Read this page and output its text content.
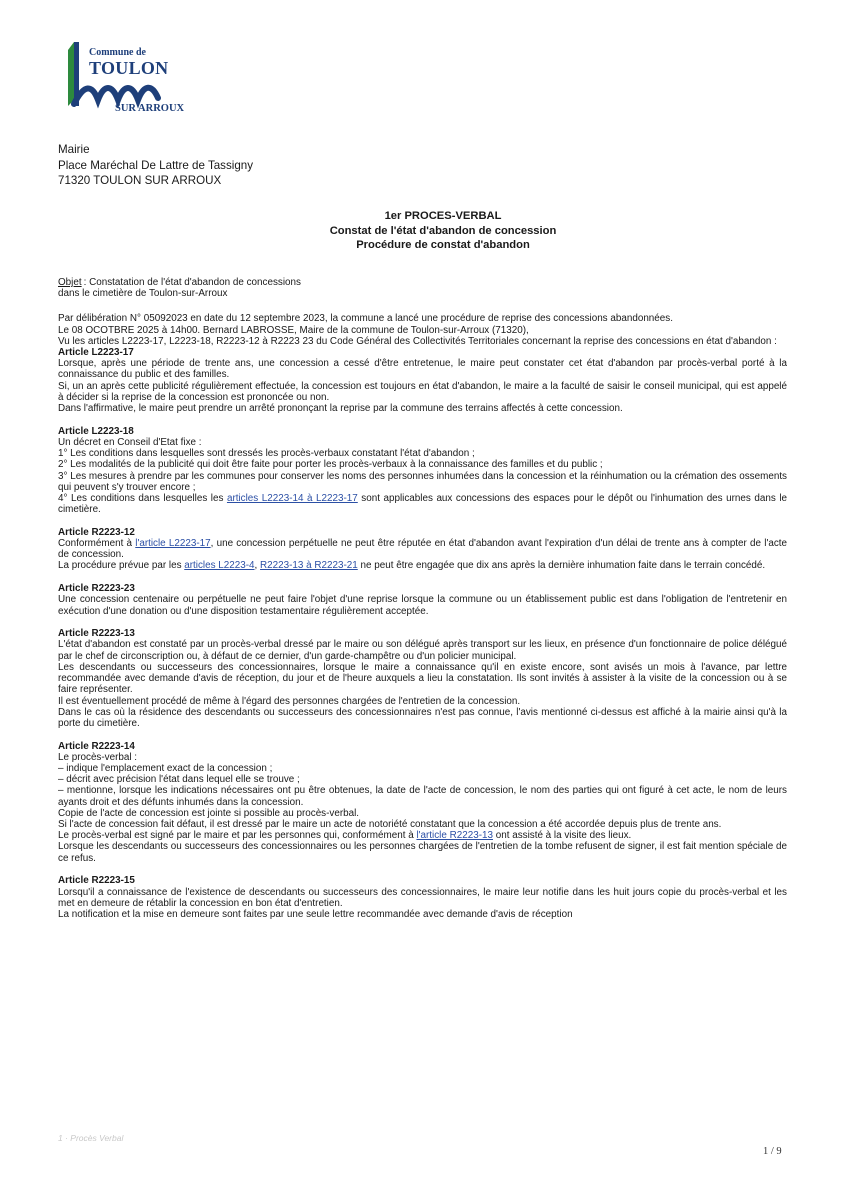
Commune de
TOULON
SUR ARROUX
Mairie
Place Maréchal De Lattre de Tassigny
71320 TOULON SUR ARROUX
1er PROCES-VERBAL
Constat de l'état d'abandon de concession
Procédure de constat d'abandon
Objet : Constatation de l'état d'abandon de concessions

dans le cimetière de Toulon-sur-Arroux

Par délibération N° 05092023 en date du 12 septembre 2023, la commune a lancé une procédure de reprise des concessions abandonnées.

Le 08 OCOTBRE 2025 à 14h00. Bernard LABROSSE, Maire de la commune de Toulon-sur-Arroux (71320),

Vu les articles L2223-17, L2223-18, R2223-12 à R2223 23 du Code Général des Collectivités Territoriales concernant la reprise des concessions en état d'abandon :

Article L2223-17

Lorsque, après une période de trente ans, une concession a cessé d'être entretenue, le maire peut constater cet état d'abandon par procès-verbal porté à la connaissance du public et des familles.

Si, un an après cette publicité régulièrement effectuée, la concession est toujours en état d'abandon, le maire a la faculté de saisir le conseil municipal, qui est appelé à décider si la reprise de la concession est prononcée ou non.

Dans l'affirmative, le maire peut prendre un arrêté prononçant la reprise par la commune des terrains affectés à cette concession.

Article L2223-18

Un décret en Conseil d'Etat fixe :

1° Les conditions dans lesquelles sont dressés les procès-verbaux constatant l'état d'abandon ;

2° Les modalités de la publicité qui doit être faite pour porter les procès-verbaux à la connaissance des familles et du public ;

3° Les mesures à prendre par les communes pour conserver les noms des personnes inhumées dans la concession et la réinhumation ou la crémation des ossements qui peuvent s'y trouver encore ;

4° Les conditions dans lesquelles les articles L2223-14 à L2223-17 sont applicables aux concessions des espaces pour le dépôt ou l'inhumation des urnes dans le cimetière.

Article R2223-12

Conformément à l'article L2223-17, une concession perpétuelle ne peut être réputée en état d'abandon avant l'expiration d'un délai de trente ans à compter de l'acte de concession.

La procédure prévue par les articles L2223-4, R2223-13 à R2223-21 ne peut être engagée que dix ans après la dernière inhumation faite dans le terrain concédé.

Article R2223-23

Une concession centenaire ou perpétuelle ne peut faire l'objet d'une reprise lorsque la commune ou un établissement public est dans l'obligation de l'entretenir en exécution d'une donation ou d'une disposition testamentaire régulièrement acceptée.

Article R2223-13

L'état d'abandon est constaté par un procès-verbal dressé par le maire ou son délégué après transport sur les lieux, en présence d'un fonctionnaire de police délégué par le chef de circonscription ou, à défaut de ce dernier, d'un garde-champêtre ou d'un policier municipal.

Les descendants ou successeurs des concessionnaires, lorsque le maire a connaissance qu'il en existe encore, sont avisés un mois à l'avance, par lettre recommandée avec demande d'avis de réception, du jour et de l'heure auxquels a lieu la constatation. Ils sont invités à assister à la visite de la concession ou à se faire représenter.

Il est éventuellement procédé de même à l'égard des personnes chargées de l'entretien de la concession.

Dans le cas où la résidence des descendants ou successeurs des concessionnaires n'est pas connue, l'avis mentionné ci-dessus est affiché à la mairie ainsi qu'à la porte du cimetière.

Article R2223-14

Le procès-verbal :

– indique l'emplacement exact de la concession ;

– décrit avec précision l'état dans lequel elle se trouve ;

– mentionne, lorsque les indications nécessaires ont pu être obtenues, la date de l'acte de concession, le nom des parties qui ont figuré à cet acte, le nom de leurs ayants droit et des défunts inhumés dans la concession.

Copie de l'acte de concession est jointe si possible au procès-verbal.

Si l'acte de concession fait défaut, il est dressé par le maire un acte de notoriété constatant que la concession a été accordée depuis plus de trente ans.

Le procès-verbal est signé par le maire et par les personnes qui, conformément à l'article R2223-13 ont assisté à la visite des lieux.

Lorsque les descendants ou successeurs des concessionnaires ou les personnes chargées de l'entretien de la tombe refusent de signer, il est fait mention spéciale de ce refus.

Article R2223-15

Lorsqu'il a connaissance de l'existence de descendants ou successeurs des concessionnaires, le maire leur notifie dans les huit jours copie du procès-verbal et les met en demeure de rétablir la concession en bon état d'entretien.

La notification et la mise en demeure sont faites par une seule lettre recommandée avec demande d'avis de réception

1 · Procès Verbal
1 / 9
